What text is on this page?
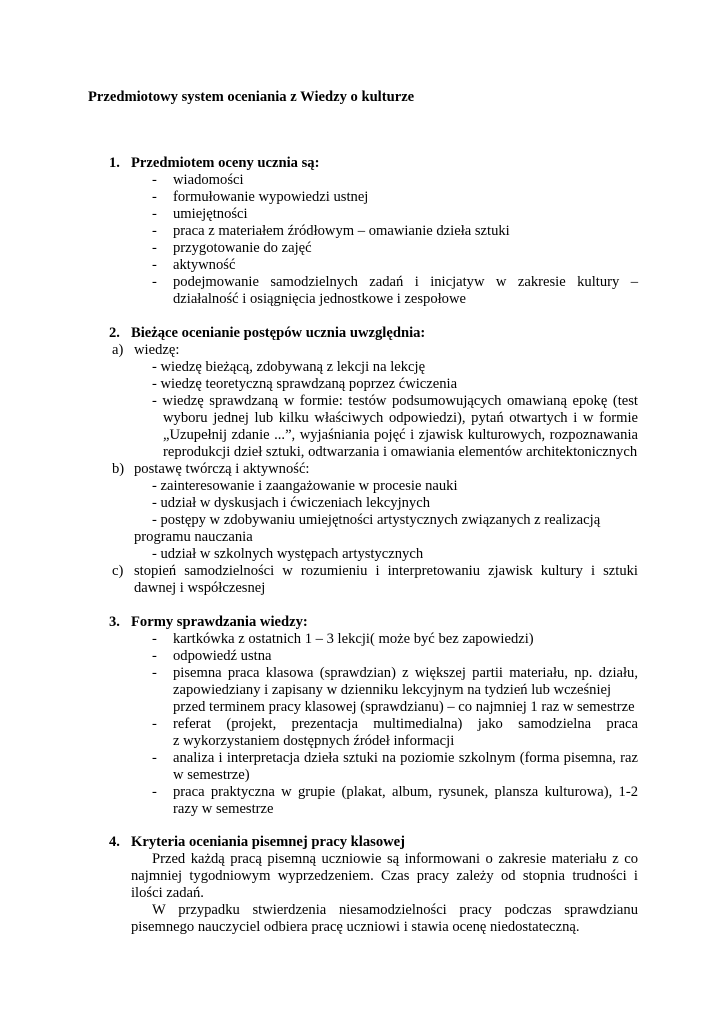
Przedmiotowy system oceniania z Wiedzy o kulturze

1. Przedmiotem oceny ucznia są:

- wiadomości
- formułowanie wypowiedzi ustnej
- umiejętności
- praca z materiałem źródłowym – omawianie dzieła sztuki
- przygotowanie do zajęć
- aktywność
- podejmowanie samodzielnych zadań i inicjatyw w zakresie kultury –
działalność i osiągnięcia jednostkowe i zespołowe

2. Bieżące ocenianie postępów ucznia uwzględnia:

a) wiedzę:
- wiedzę bieżącą, zdobywaną z lekcji na lekcję
- wiedzę teoretyczną sprawdzaną poprzez ćwiczenia
- wiedzę sprawdzaną w formie: testów podsumowujących omawianą epokę (test
wyboru jednej lub kilku właściwych odpowiedzi), pytań otwartych i w formie
„Uzupełnij zdanie ...”, wyjaśniania pojęć i zjawisk kulturowych, rozpoznawania
reprodukcji dzieł sztuki, odtwarzania i omawiania elementów architektonicznych
b) postawę twórczą i aktywność:
- zainteresowanie i zaangażowanie w procesie nauki
- udział w dyskusjach i ćwiczeniach lekcyjnych
- postępy w zdobywaniu umiejętności artystycznych związanych z realizacją
programu nauczania
- udział w szkolnych występach artystycznych
c) stopień samodzielności w rozumieniu i interpretowaniu zjawisk kultury i sztuki
dawnej i współczesnej

3. Formy sprawdzania wiedzy:

- kartkówka z ostatnich 1 – 3 lekcji( może być bez zapowiedzi)
- odpowiedź ustna
- pisemna praca klasowa (sprawdzian) z większej partii materiału, np. działu,
zapowiedziany i zapisany w dzienniku lekcyjnym na tydzień lub wcześniej
przed terminem pracy klasowej (sprawdzianu) – co najmniej 1 raz w semestrze
- referat (projekt, prezentacja multimedialna) jako samodzielna praca
z wykorzystaniem dostępnych źródeł informacji
- analiza i interpretacja dzieła sztuki na poziomie szkolnym (forma pisemna, raz
w semestrze)
- praca praktyczna w grupie (plakat, album, rysunek, plansza kulturowa), 1-2
razy w semestrze

4. Kryteria oceniania pisemnej pracy klasowej

Przed każdą pracą pisemną uczniowie są informowani o zakresie materiału z co
najmniej tygodniowym wyprzedzeniem. Czas pracy zależy od stopnia trudności i
ilości zadań.
W przypadku stwierdzenia niesamodzielności pracy podczas sprawdzianu
pisemnego nauczyciel odbiera pracę uczniowi i stawia ocenę niedostateczną.
